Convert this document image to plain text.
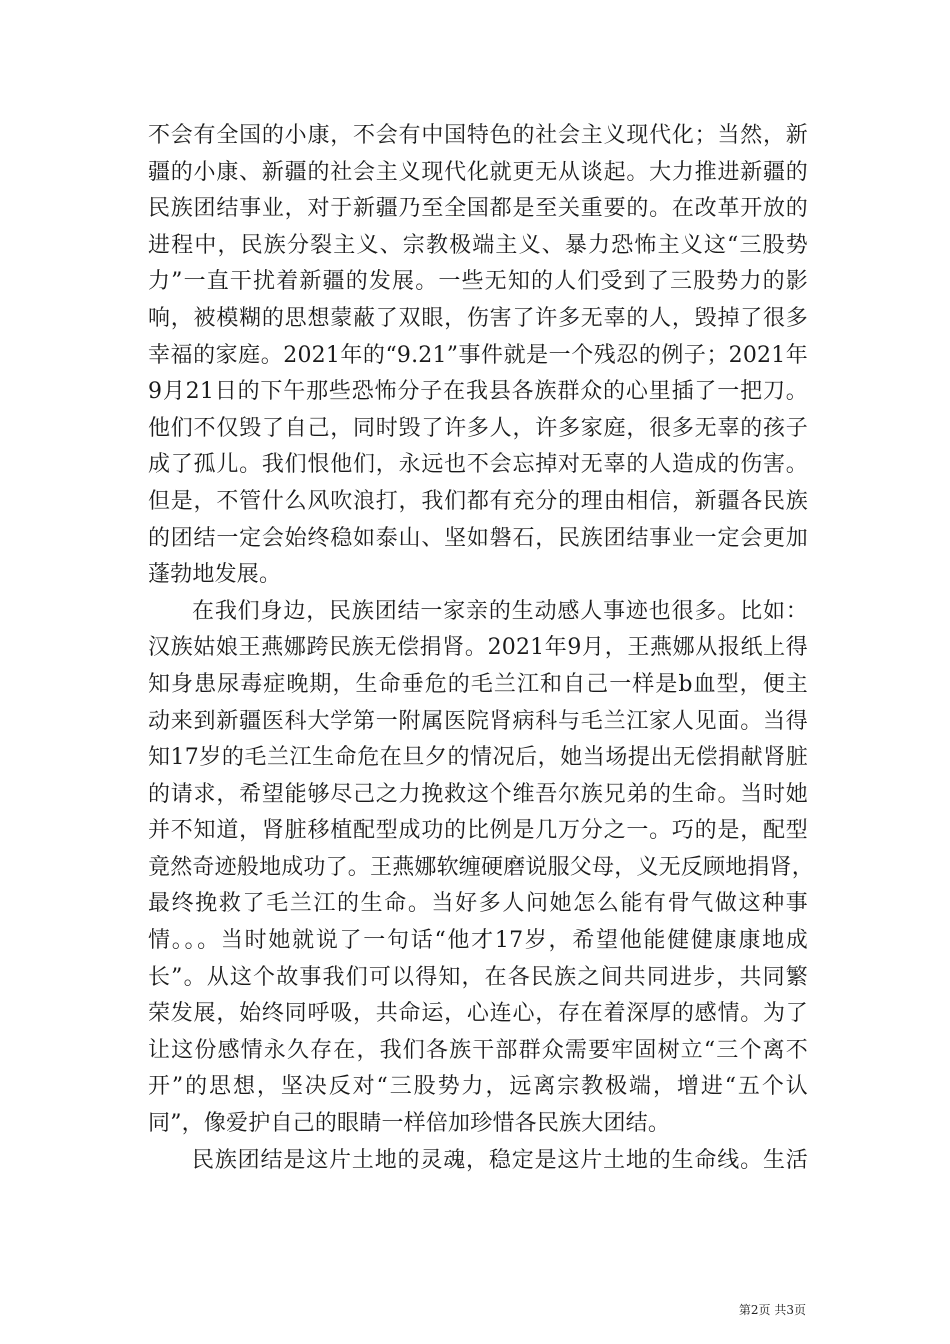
不会有全国的小康，不会有中国特色的社会主义现代化；当然，新
疆的小康、新疆的社会主义现代化就更无从谈起。大力推进新疆的
民族团结事业，对于新疆乃至全国都是至关重要的。在改革开放的
进程中，民族分裂主义、宗教极端主义、暴力恐怖主义这“三股势
力”一直干扰着新疆的发展。一些无知的人们受到了三股势力的影
响，被模糊的思想蒙蔽了双眼，伤害了许多无辜的人，毁掉了很多
幸福的家庭。2021年的“9.21”事件就是一个残忍的例子；2021年
9月21日的下午那些恐怖分子在我县各族群众的心里插了一把刀。
他们不仅毁了自己，同时毁了许多人，许多家庭，很多无辜的孩子
成了孤儿。我们恨他们，永远也不会忘掉对无辜的人造成的伤害。
但是，不管什么风吹浪打，我们都有充分的理由相信，新疆各民族
的团结一定会始终稳如泰山、坚如磐石，民族团结事业一定会更加
蓬勃地发展。
在我们身边，民族团结一家亲的生动感人事迹也很多。比如：
汉族姑娘王燕娜跨民族无偿捐肾。2021年9月，王燕娜从报纸上得
知身患尿毒症晚期，生命垂危的毛兰江和自己一样是b血型，便主
动来到新疆医科大学第一附属医院肾病科与毛兰江家人见面。当得
知17岁的毛兰江生命危在旦夕的情况后，她当场提出无偿捐献肾脏
的请求，希望能够尽己之力挽救这个维吾尔族兄弟的生命。当时她
并不知道，肾脏移植配型成功的比例是几万分之一。巧的是，配型
竟然奇迹般地成功了。王燕娜软缠硬磨说服父母，义无反顾地捐肾，
最终挽救了毛兰江的生命。当好多人问她怎么能有骨气做这种事
情。。。当时她就说了一句话“他才17岁，希望他能健健康康地成
长”。从这个故事我们可以得知，在各民族之间共同进步，共同繁
荣发展，始终同呼吸，共命运，心连心，存在着深厚的感情。为了
让这份感情永久存在，我们各族干部群众需要牢固树立“三个离不
开”的思想，坚决反对“三股势力，远离宗教极端，增进“五个认
同”，像爱护自己的眼睛一样倍加珍惜各民族大团结。
民族团结是这片土地的灵魂，稳定是这片土地的生命线。生活
第2页 共3页
